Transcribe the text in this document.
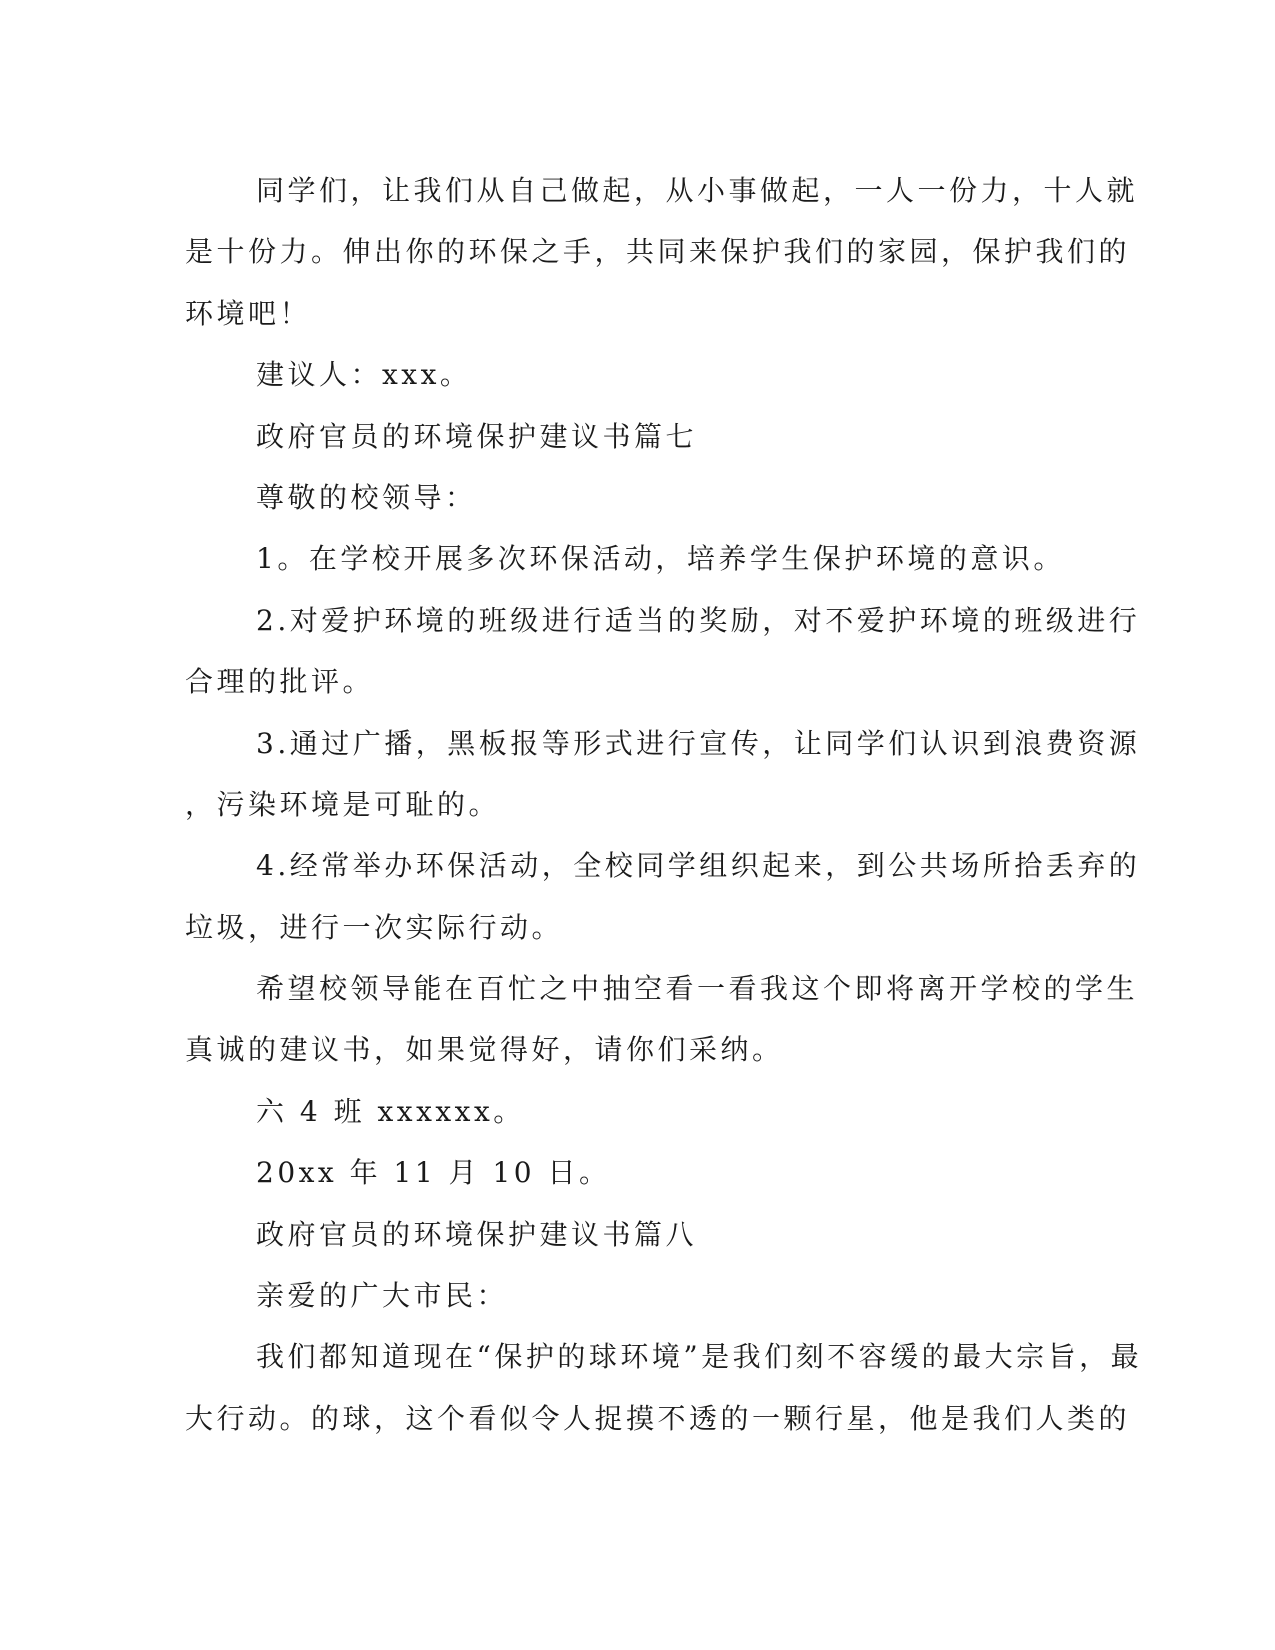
同学们，让我们从自己做起，从小事做起，一人一份力，十人就

是十份力。伸出你的环保之手，共同来保护我们的家园，保护我们的

环境吧！

建议人：xxx。

政府官员的环境保护建议书篇七

尊敬的校领导：

1。在学校开展多次环保活动，培养学生保护环境的意识。

2.对爱护环境的班级进行适当的奖励，对不爱护环境的班级进行

合理的批评。

3.通过广播，黑板报等形式进行宣传，让同学们认识到浪费资源

，污染环境是可耻的。

4.经常举办环保活动，全校同学组织起来，到公共场所拾丢弃的

垃圾，进行一次实际行动。

希望校领导能在百忙之中抽空看一看我这个即将离开学校的学生

真诚的建议书，如果觉得好，请你们采纳。

六 4 班 xxxxxx。

20xx 年 11 月 10 日。

政府官员的环境保护建议书篇八

亲爱的广大市民：

我们都知道现在“保护的球环境”是我们刻不容缓的最大宗旨，最

大行动。的球，这个看似令人捉摸不透的一颗行星，他是我们人类的
